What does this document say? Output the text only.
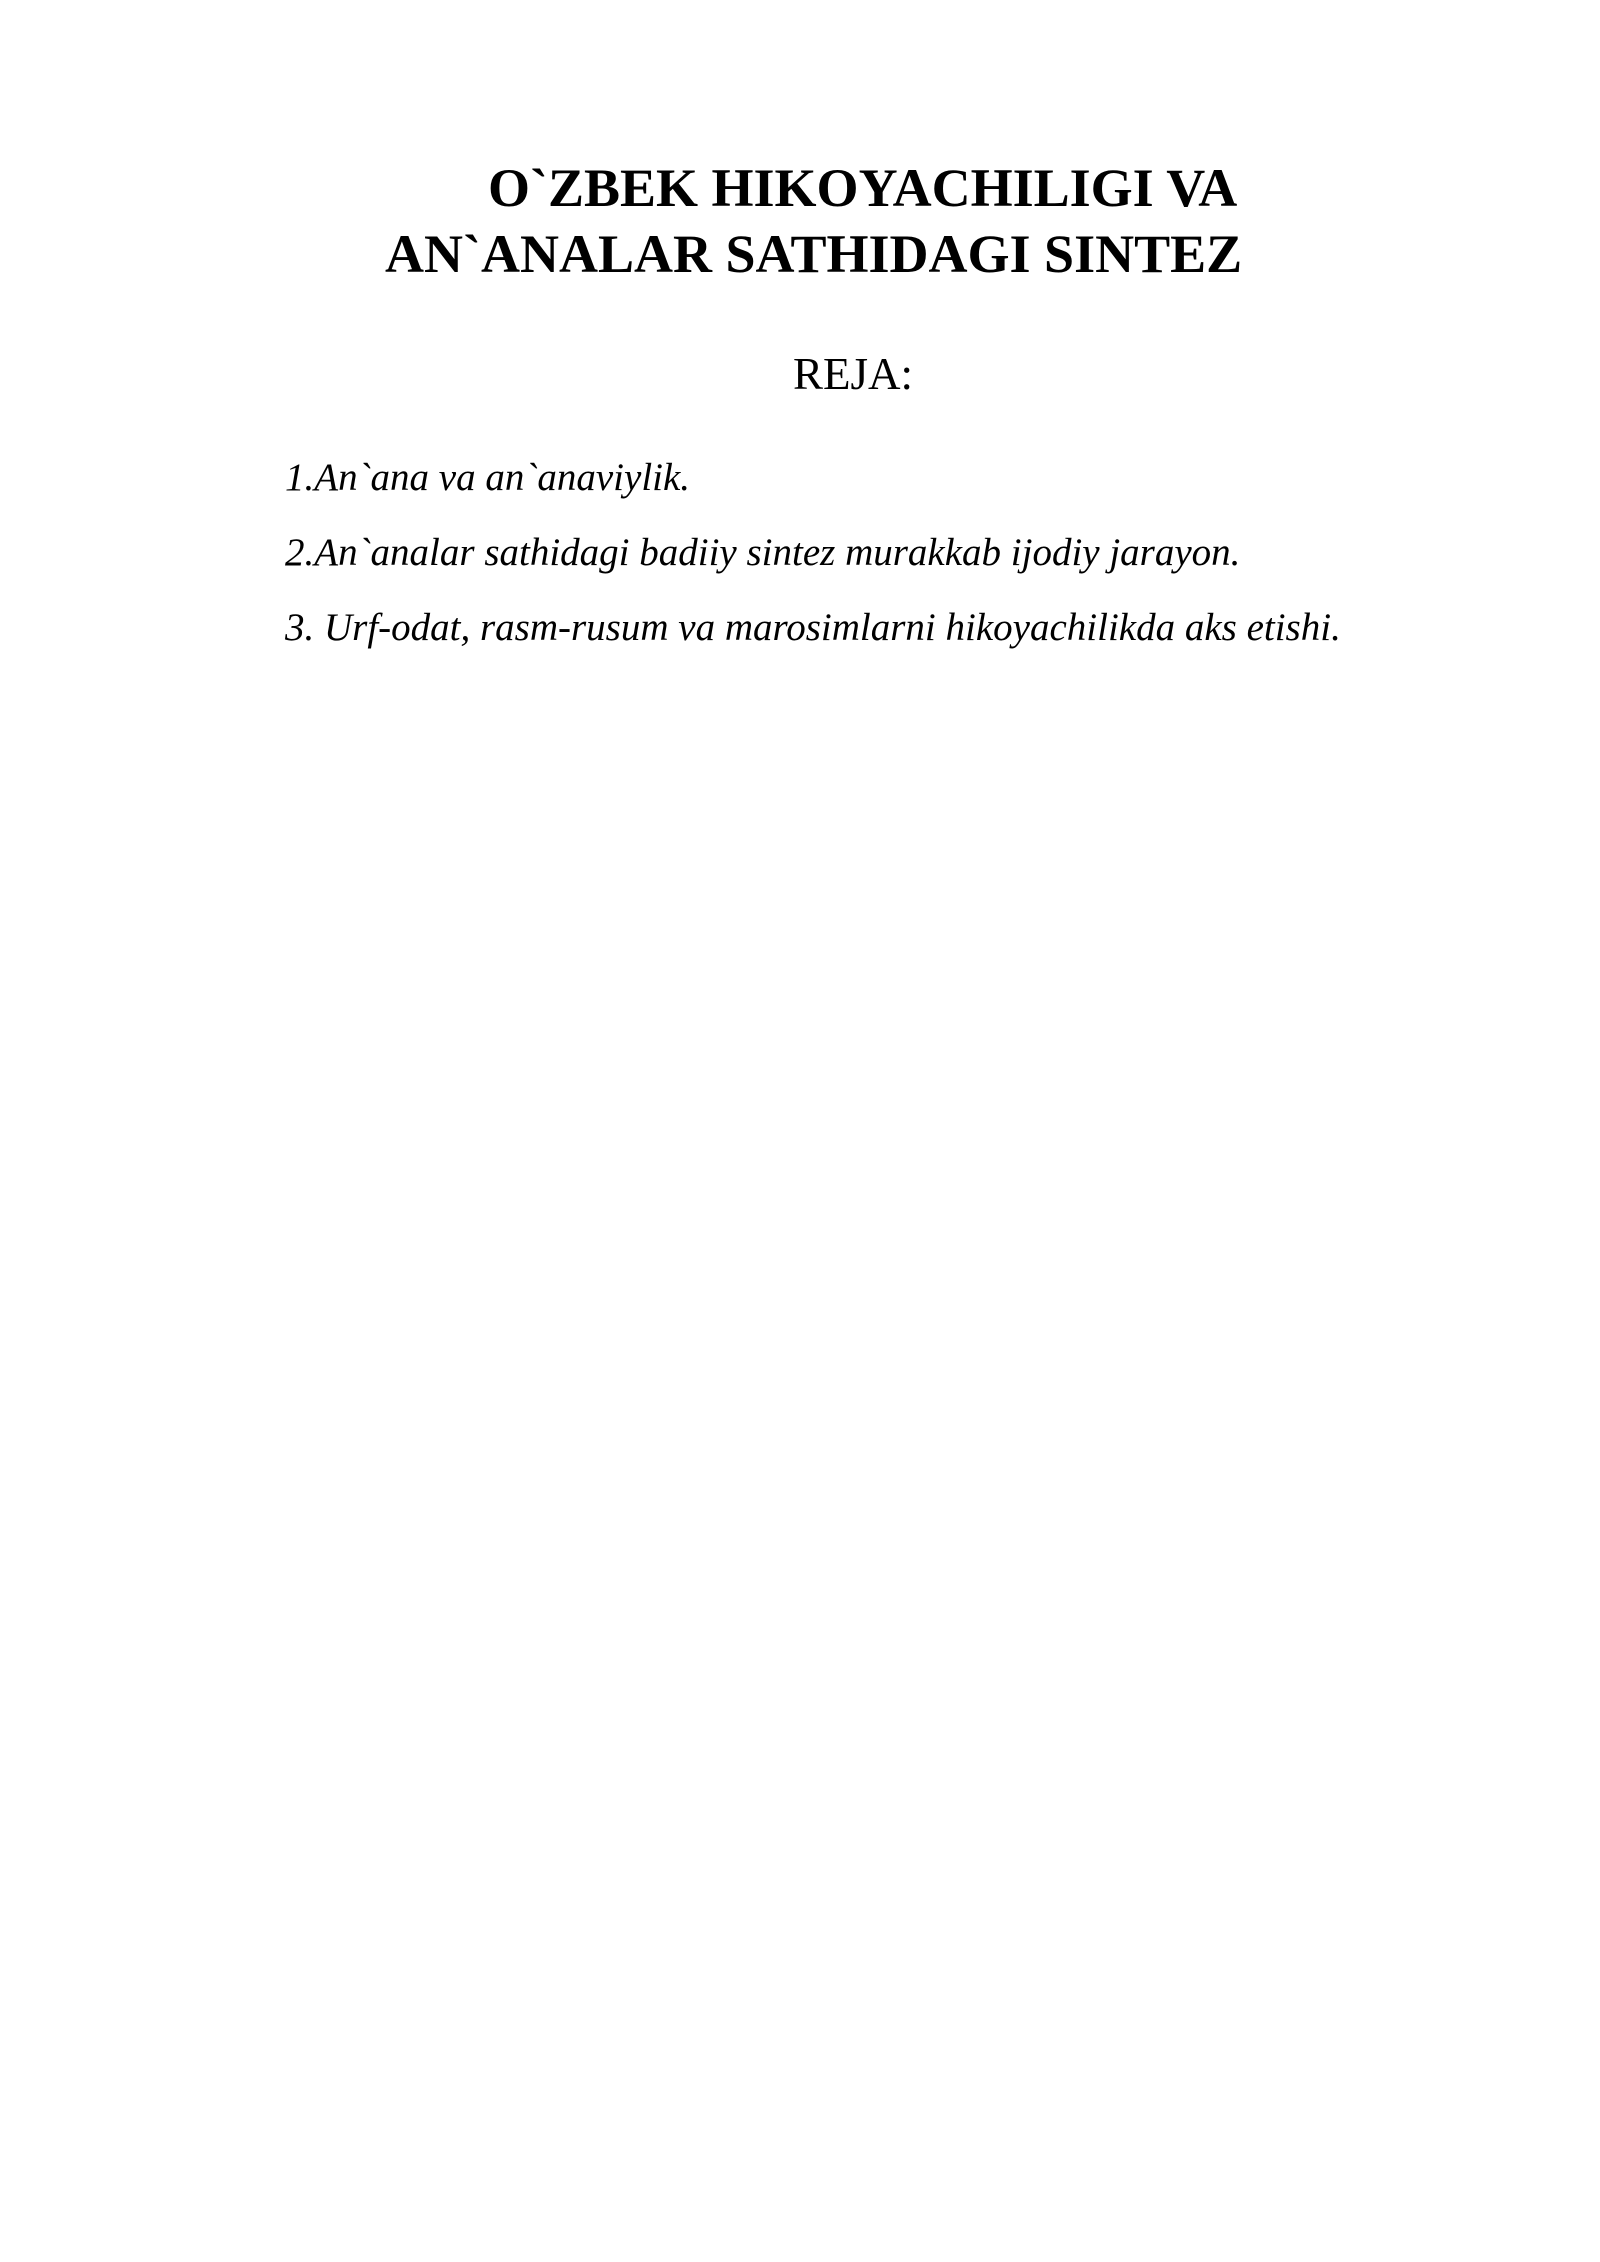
O`ZBEK HIKOYACHILIGI VA
AN`ANALAR SATHIDAGI SINTEZ
REJA:
1.An`ana va an`anaviylik.
2.An`analar sathidagi badiiy sintez murakkab ijodiy jarayon.
3. Urf-odat, rasm-rusum va marosimlarni hikoyachilikda aks etishi.
